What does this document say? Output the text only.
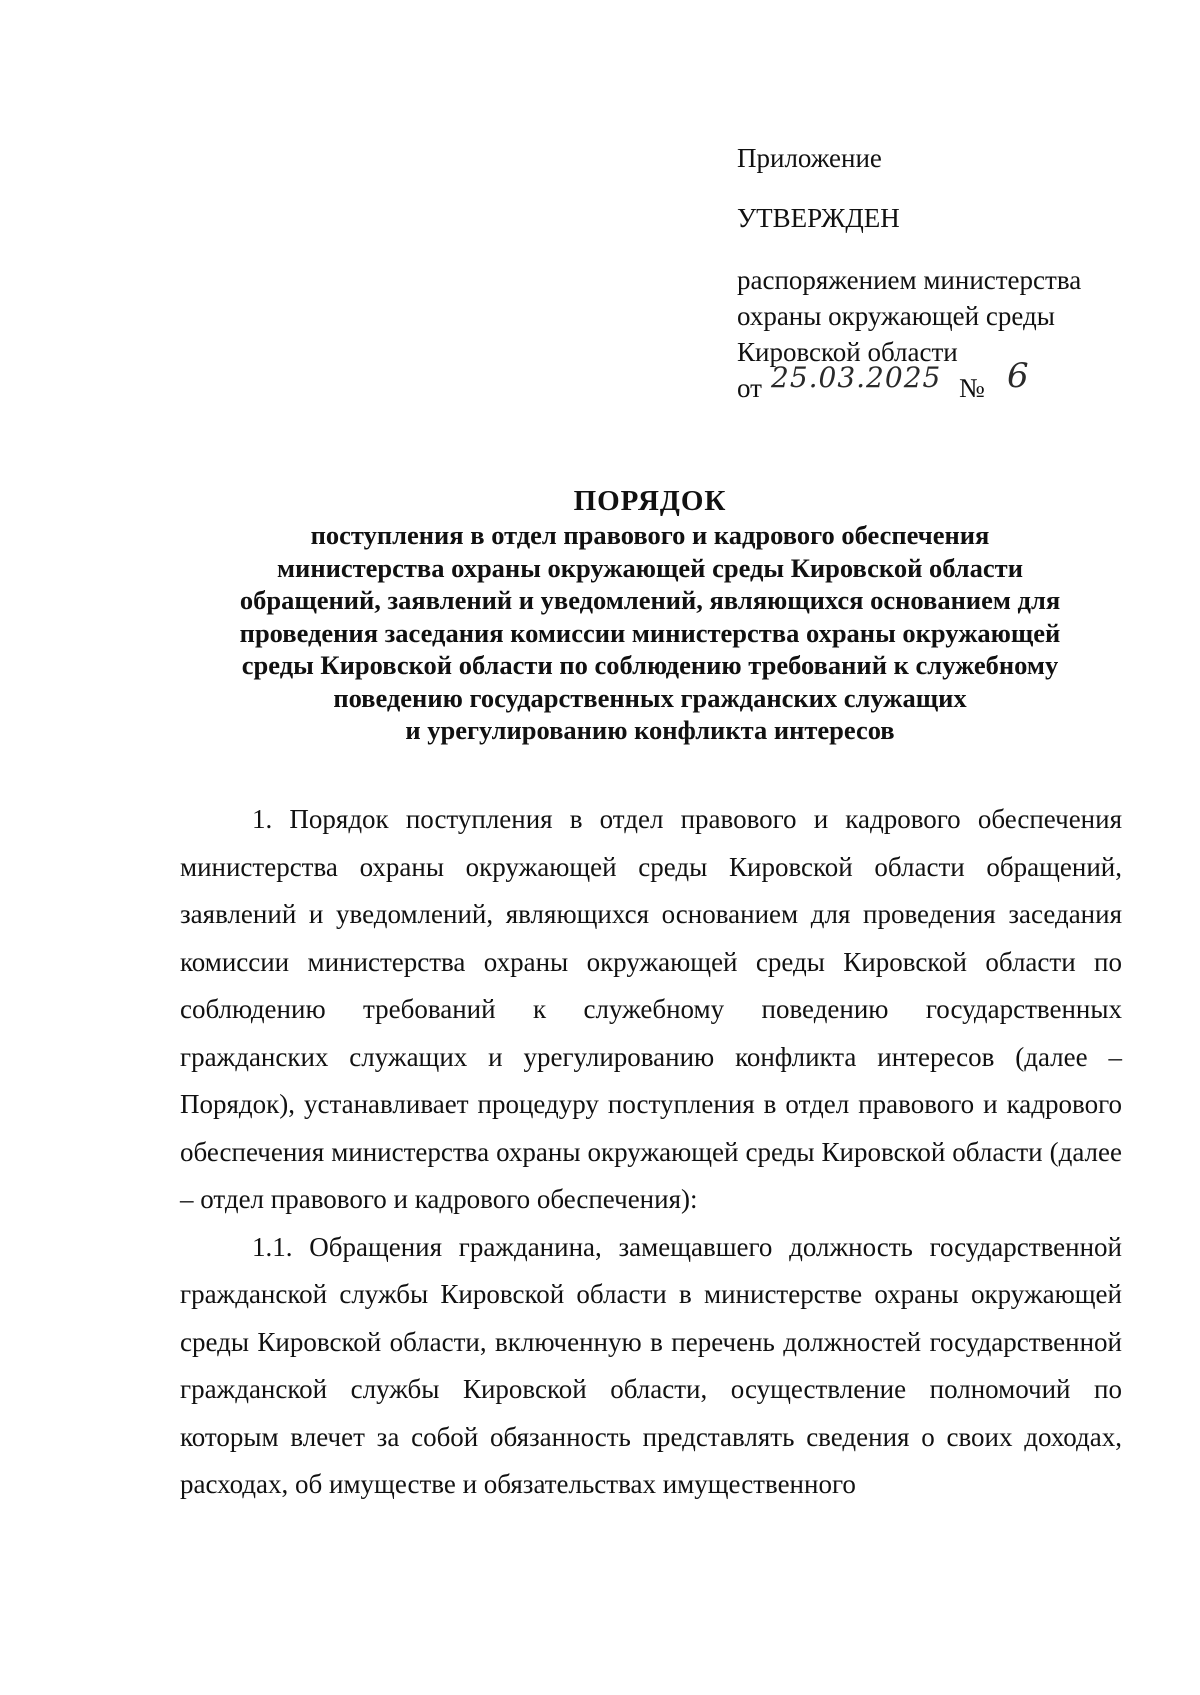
Приложение
УТВЕРЖДЕН
распоряжением министерства
охраны окружающей среды
Кировской области
от 25.03.2025 № 6
ПОРЯДОК
поступления в отдел правового и кадрового обеспечения
министерства охраны окружающей среды Кировской области
обращений, заявлений и уведомлений, являющихся основанием для
проведения заседания комиссии министерства охраны окружающей
среды Кировской области по соблюдению требований к служебному
поведению государственных гражданских служащих
и урегулированию конфликта интересов

1. Порядок поступления в отдел правового и кадрового обеспечения министерства охраны окружающей среды Кировской области обращений, заявлений и уведомлений, являющихся основанием для проведения заседания комиссии министерства охраны окружающей среды Кировской области по соблюдению требований к служебному поведению государственных гражданских служащих и урегулированию конфликта интересов (далее – Порядок), устанавливает процедуру поступления в отдел правового и кадрового обеспечения министерства охраны окружающей среды Кировской области (далее – отдел правового и кадрового обеспечения):

1.1. Обращения гражданина, замещавшего должность государственной гражданской службы Кировской области в министерстве охраны окружающей среды Кировской области, включенную в перечень должностей государственной гражданской службы Кировской области, осуществление полномочий по которым влечет за собой обязанность представлять сведения о своих доходах, расходах, об имуществе и обязательствах имущественного
